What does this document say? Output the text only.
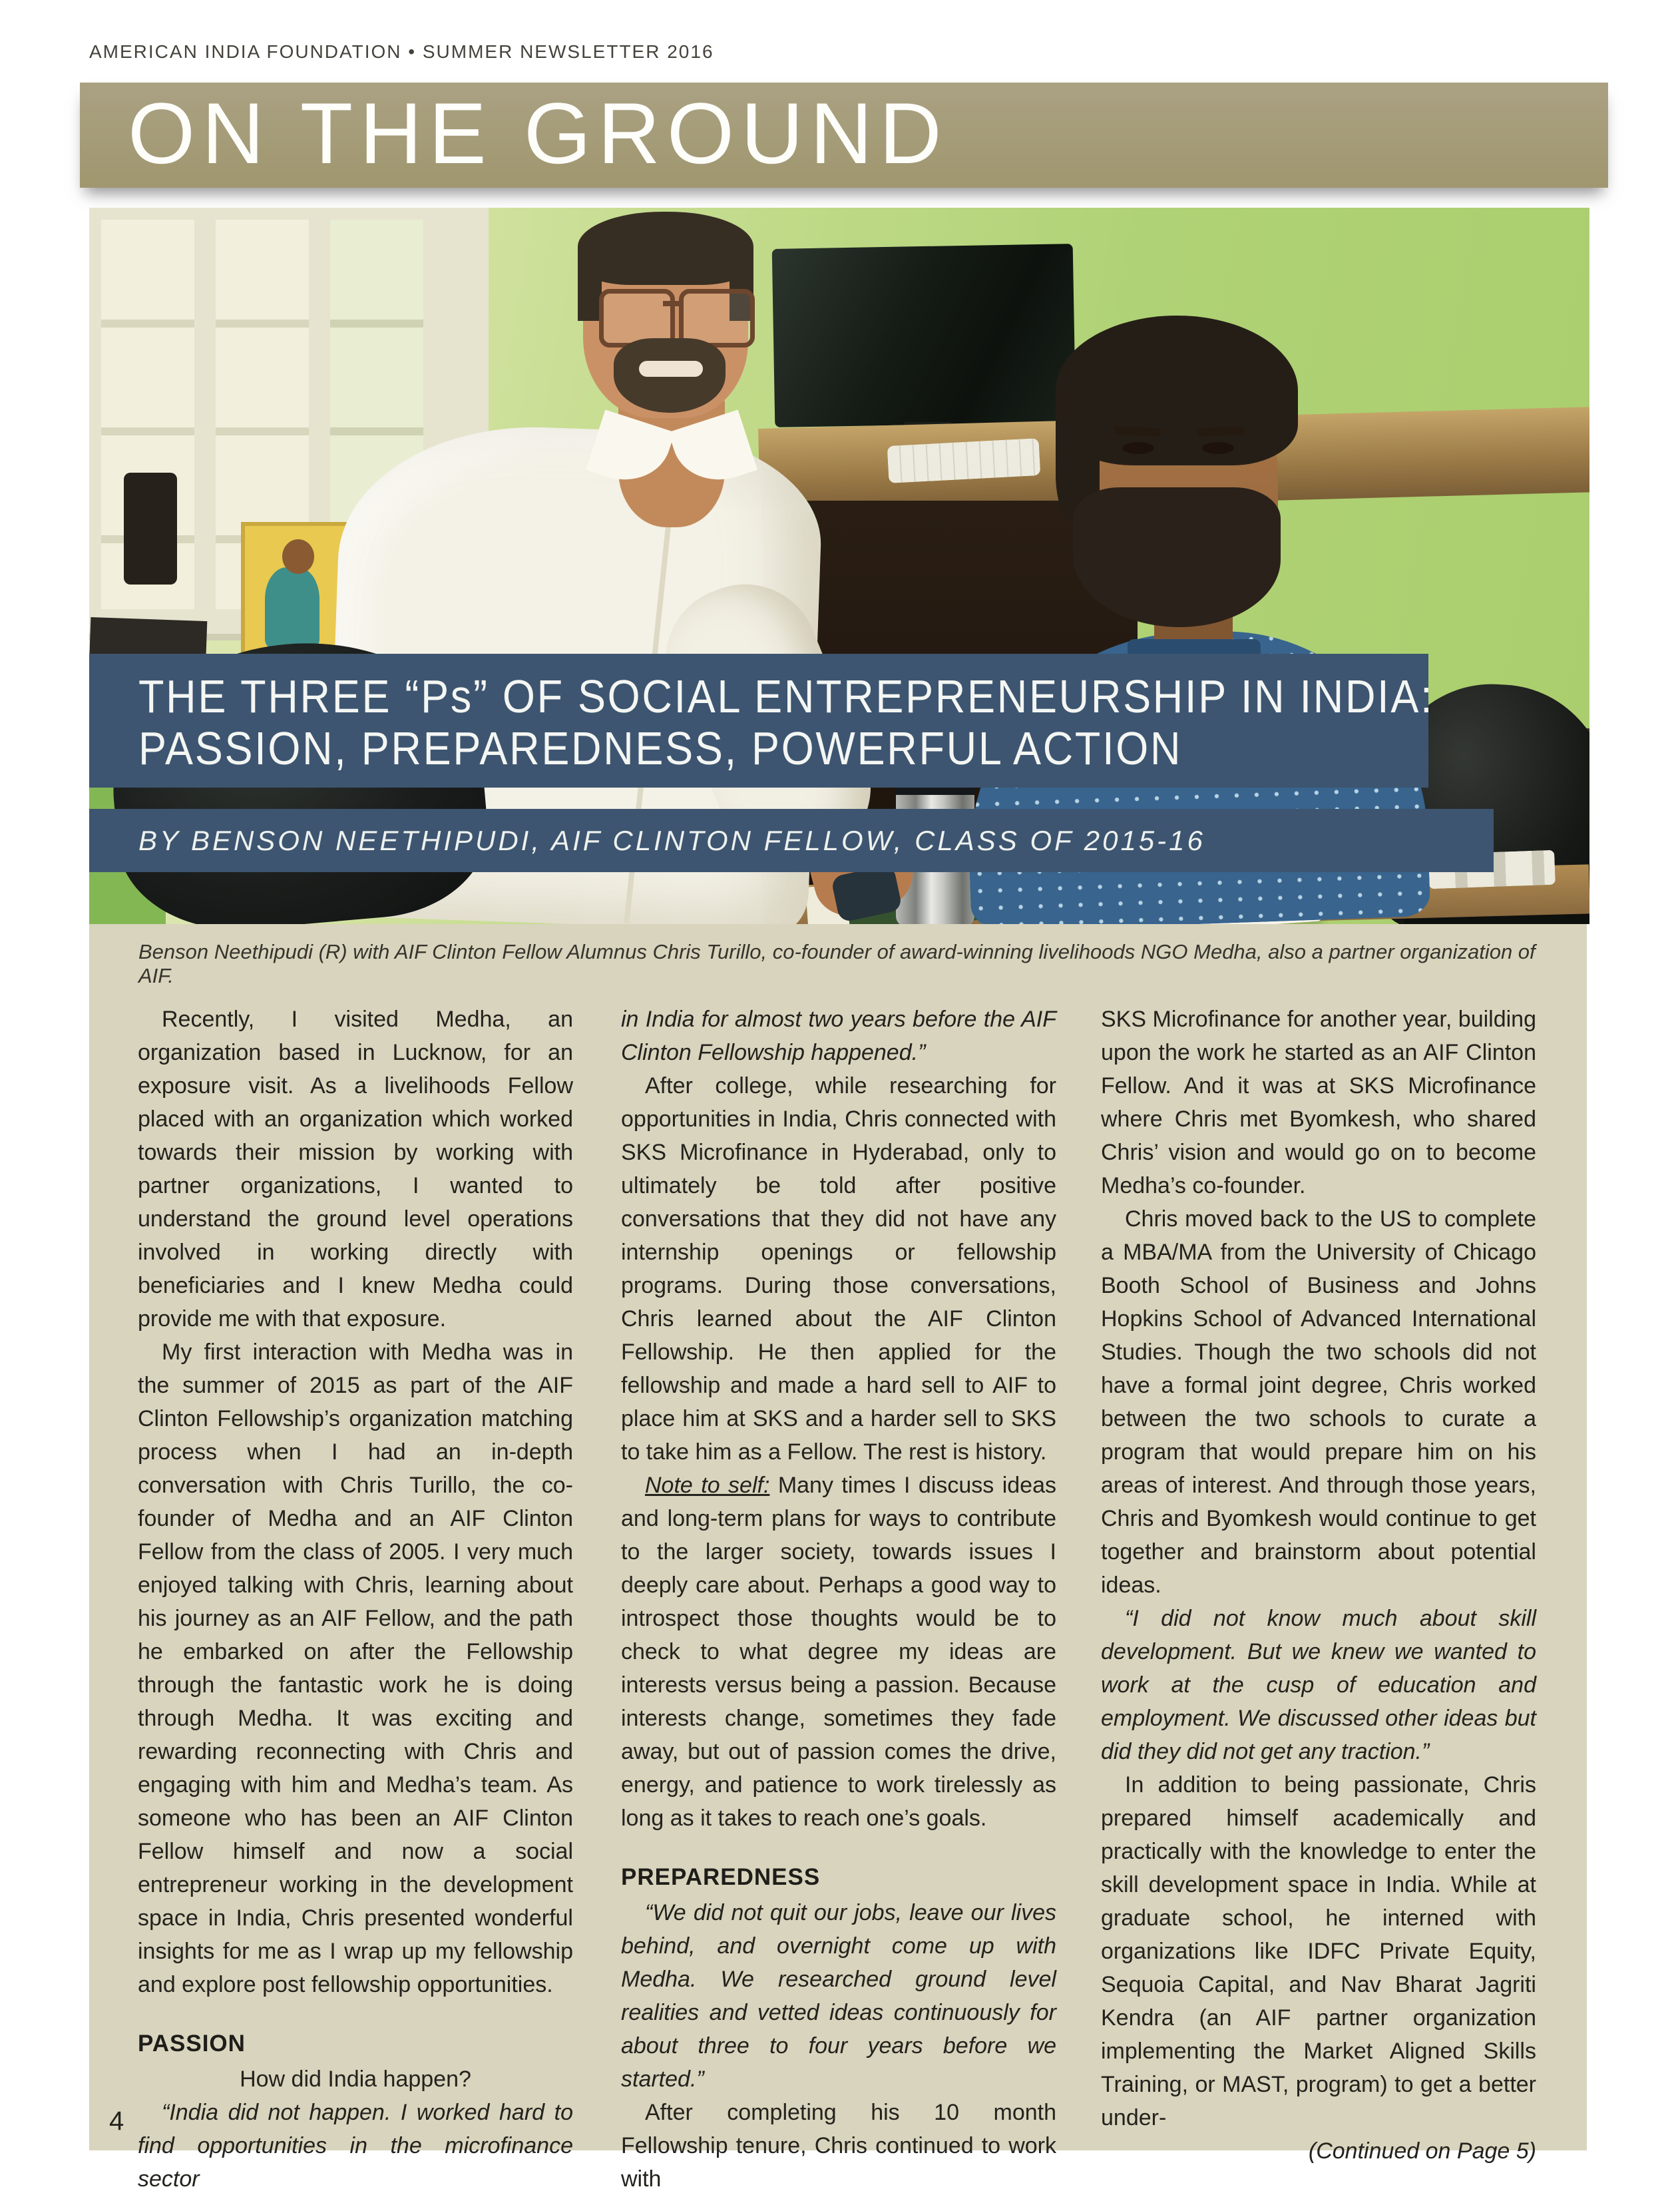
AMERICAN INDIA FOUNDATION • SUMMER NEWSLETTER 2016
ON THE GROUND
THE THREE “Ps” OF SOCIAL ENTREPRENEURSHIP IN INDIA:
PASSION, PREPAREDNESS, POWERFUL ACTION
BY BENSON NEETHIPUDI, AIF CLINTON FELLOW, CLASS OF 2015-16
Benson Neethipudi (R) with AIF Clinton Fellow Alumnus Chris Turillo, co-founder of award-winning livelihoods NGO Medha, also a partner organization of AIF.

Recently, I visited Medha, an organization based in Lucknow, for an exposure visit. As a livelihoods Fellow placed with an organization which worked towards their mission by working with partner organizations, I wanted to understand the ground level operations involved in working directly with beneficiaries and I knew Medha could provide me with that exposure.

My first interaction with Medha was in the summer of 2015 as part of the AIF Clinton Fellowship’s organization matching process when I had an in-depth conversation with Chris Turillo, the co-founder of Medha and an AIF Clinton Fellow from the class of 2005. I very much enjoyed talking with Chris, learning about his journey as an AIF Fellow, and the path he embarked on after the Fellowship through the fantastic work he is doing through Medha. It was exciting and rewarding reconnecting with Chris and engaging with him and Medha’s team. As someone who has been an AIF Clinton Fellow himself and now a social entrepreneur working in the development space in India, Chris presented wonderful insights for me as I wrap up my fellowship and explore post fellowship opportunities.

PASSION

How did India happen?

“India did not happen. I worked hard to find opportunities in the microfinance sector

in India for almost two years before the AIF Clinton Fellowship happened.”

After college, while researching for opportunities in India, Chris connected with SKS Microfinance in Hyderabad, only to ultimately be told after positive conversations that they did not have any internship openings or fellowship programs. During those conversations, Chris learned about the AIF Clinton Fellowship. He then applied for the fellowship and made a hard sell to AIF to place him at SKS and a harder sell to SKS to take him as a Fellow. The rest is history.

Note to self: Many times I discuss ideas and long-term plans for ways to contribute to the larger society, towards issues I deeply care about. Perhaps a good way to introspect those thoughts would be to check to what degree my ideas are interests versus being a passion. Because interests change, sometimes they fade away, but out of passion comes the drive, energy, and patience to work tirelessly as long as it takes to reach one’s goals.

PREPAREDNESS

“We did not quit our jobs, leave our lives behind, and overnight come up with Medha. We researched ground level realities and vetted ideas continuously for about three to four years before we started.”

After completing his 10 month Fellowship tenure, Chris continued to work with

SKS Microfinance for another year, building upon the work he started as an AIF Clinton Fellow. And it was at SKS Microfinance where Chris met Byomkesh, who shared Chris’ vision and would go on to become Medha’s co-founder.

Chris moved back to the US to complete a MBA/MA from the University of Chicago Booth School of Business and Johns Hopkins School of Advanced International Studies. Though the two schools did not have a formal joint degree, Chris worked between the two schools to curate a program that would prepare him on his areas of interest. And through those years, Chris and Byomkesh would continue to get together and brainstorm about potential ideas.

“I did not know much about skill development. But we knew we wanted to work at the cusp of education and employment. We discussed other ideas but did they did not get any traction.”

In addition to being passionate, Chris prepared himself academically and practically with the knowledge to enter the skill development space in India. While at graduate school, he interned with organizations like IDFC Private Equity, Sequoia Capital, and Nav Bharat Jagriti Kendra (an AIF partner organization implementing the Market Aligned Skills Training, or MAST, program) to get a better under-

(Continued on Page 5)

4
